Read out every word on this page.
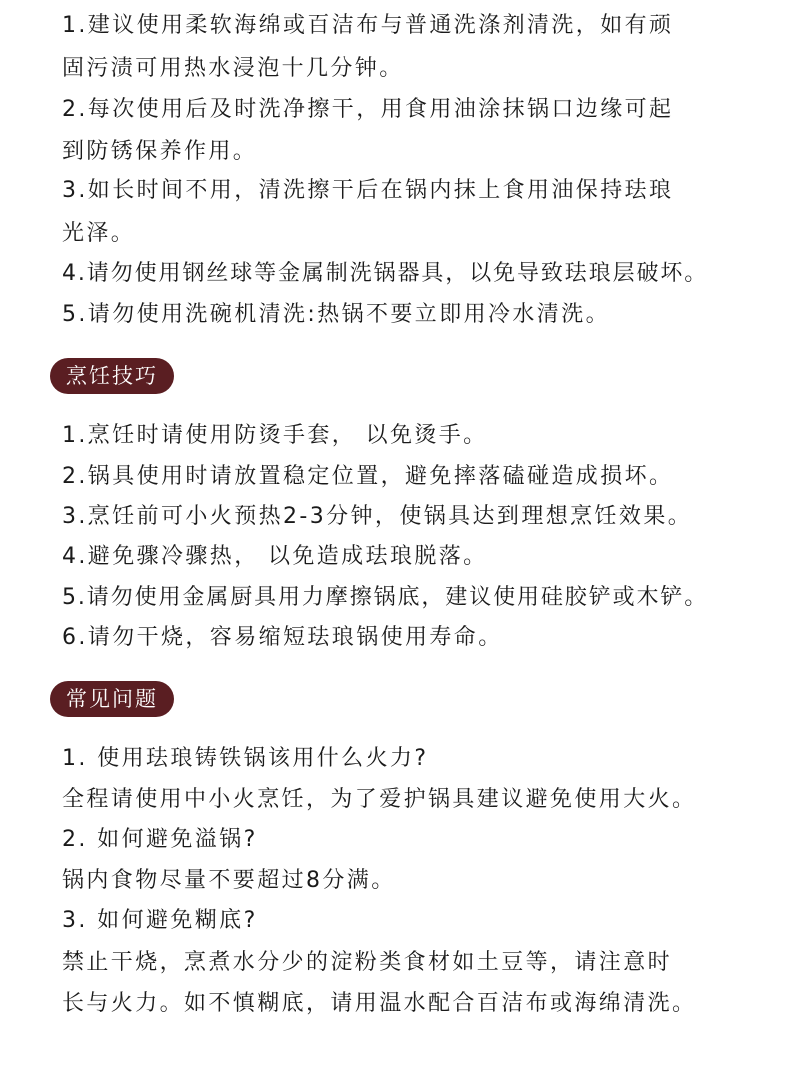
1.建议使用柔软海绵或百洁布与普通洗涤剂清洗，如有顽
固污渍可用热水浸泡十几分钟。
2.每次使用后及时洗净擦干，用食用油涂抹锅口边缘可起
到防锈保养作用。
3.如长时间不用，清洗擦干后在锅内抹上食用油保持珐琅
光泽。
4.请勿使用钢丝球等金属制洗锅器具，以免导致珐琅层破坏。
5.请勿使用洗碗机清洗:热锅不要立即用冷水清洗。
烹饪技巧
1.烹饪时请使用防烫手套， 以免烫手。
2.锅具使用时请放置稳定位置，避免摔落磕碰造成损坏。
3.烹饪前可小火预热2-3分钟，使锅具达到理想烹饪效果。
4.避免骤冷骤热， 以免造成珐琅脱落。
5.请勿使用金属厨具用力摩擦锅底，建议使用硅胶铲或木铲。
6.请勿干烧，容易缩短珐琅锅使用寿命。
常见问题
1. 使用珐琅铸铁锅该用什么火力?
全程请使用中小火烹饪，为了爱护锅具建议避免使用大火。
2. 如何避免溢锅?
锅内食物尽量不要超过8分满。
3. 如何避免糊底?
禁止干烧，烹煮水分少的淀粉类食材如土豆等，请注意时
长与火力。如不慎糊底，请用温水配合百洁布或海绵清洗。
